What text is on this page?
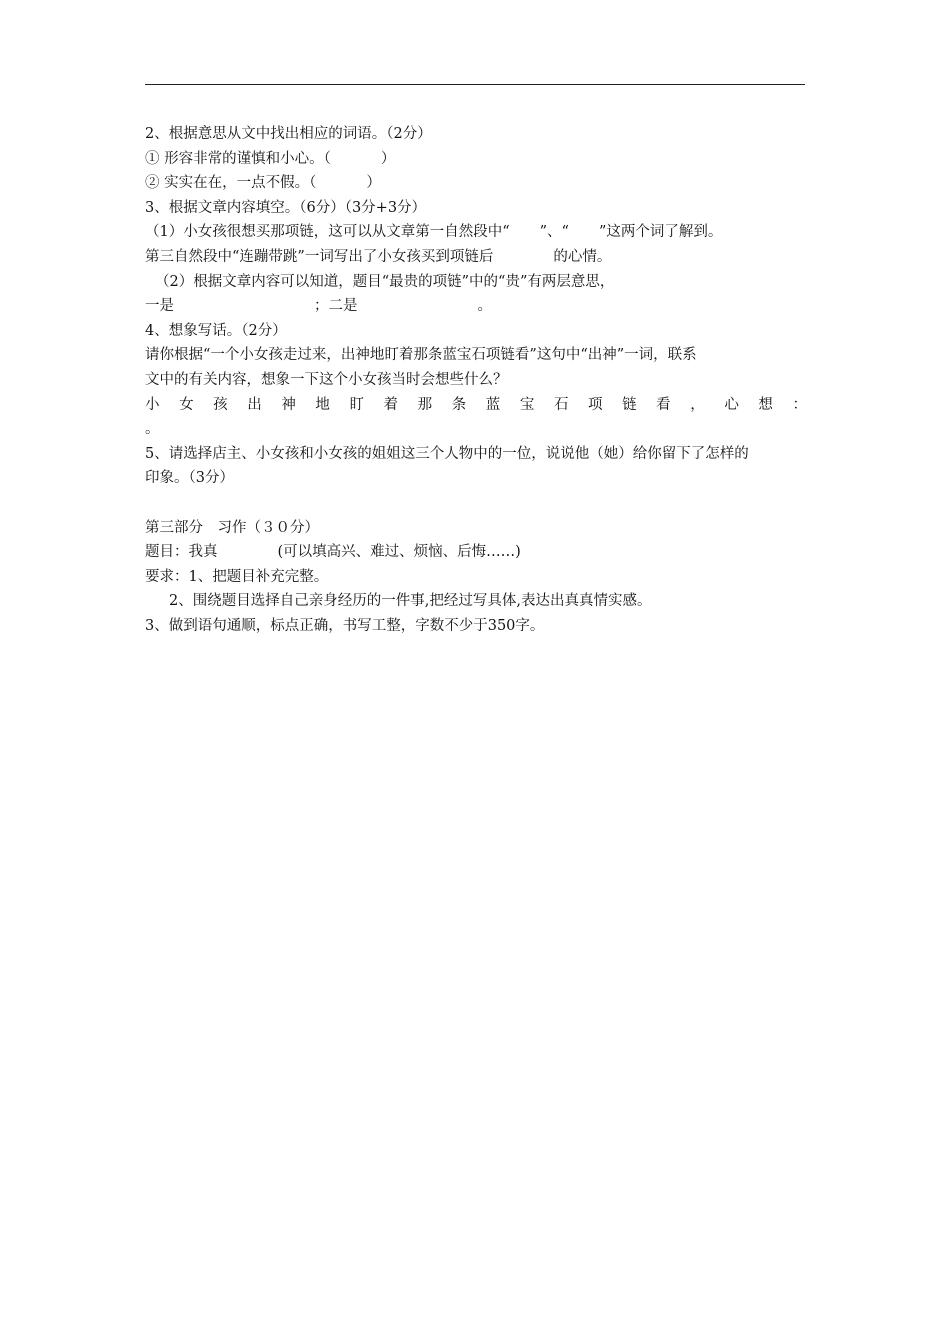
2、根据意思从文中找出相应的词语。（2分）
① 形容非常的谨慎和小心。（	）
② 实实在在，一点不假。（	）
3、根据文章内容填空。（6分）（3分+3分）
（1）小女孩很想买那项链，这可以从文章第一自然段中“ ”、“ ”这两个词了解到。
第三自然段中“连蹦带跳”一词写出了小女孩买到项链后	的心情。
（2）根据文章内容可以知道，题目“最贵的项链”中的“贵”有两层意思，
一是	；二是	。
4、想象写话。（2分）
请你根据“一个小女孩走过来，出神地盯着那条蓝宝石项链看”这句中“出神”一词，联系
文中的有关内容，想象一下这个小女孩当时会想些什么？
小 女 孩 出 神 地 盯 着 那 条 蓝 宝 石 项 链 看 ， 心 想 ：
。
5、请选择店主、小女孩和小女孩的姐姐这三个人物中的一位，说说他（她）给你留下了怎样的
印象。（3分）
第三部分　习作（３０分）
题目：我真	(可以填高兴、难过、烦恼、后悔……)
要求：1、把题目补充完整。
2、围绕题目选择自己亲身经历的一件事,把经过写具体,表达出真真情实感。
3、做到语句通顺，标点正确，书写工整，字数不少于350字。
